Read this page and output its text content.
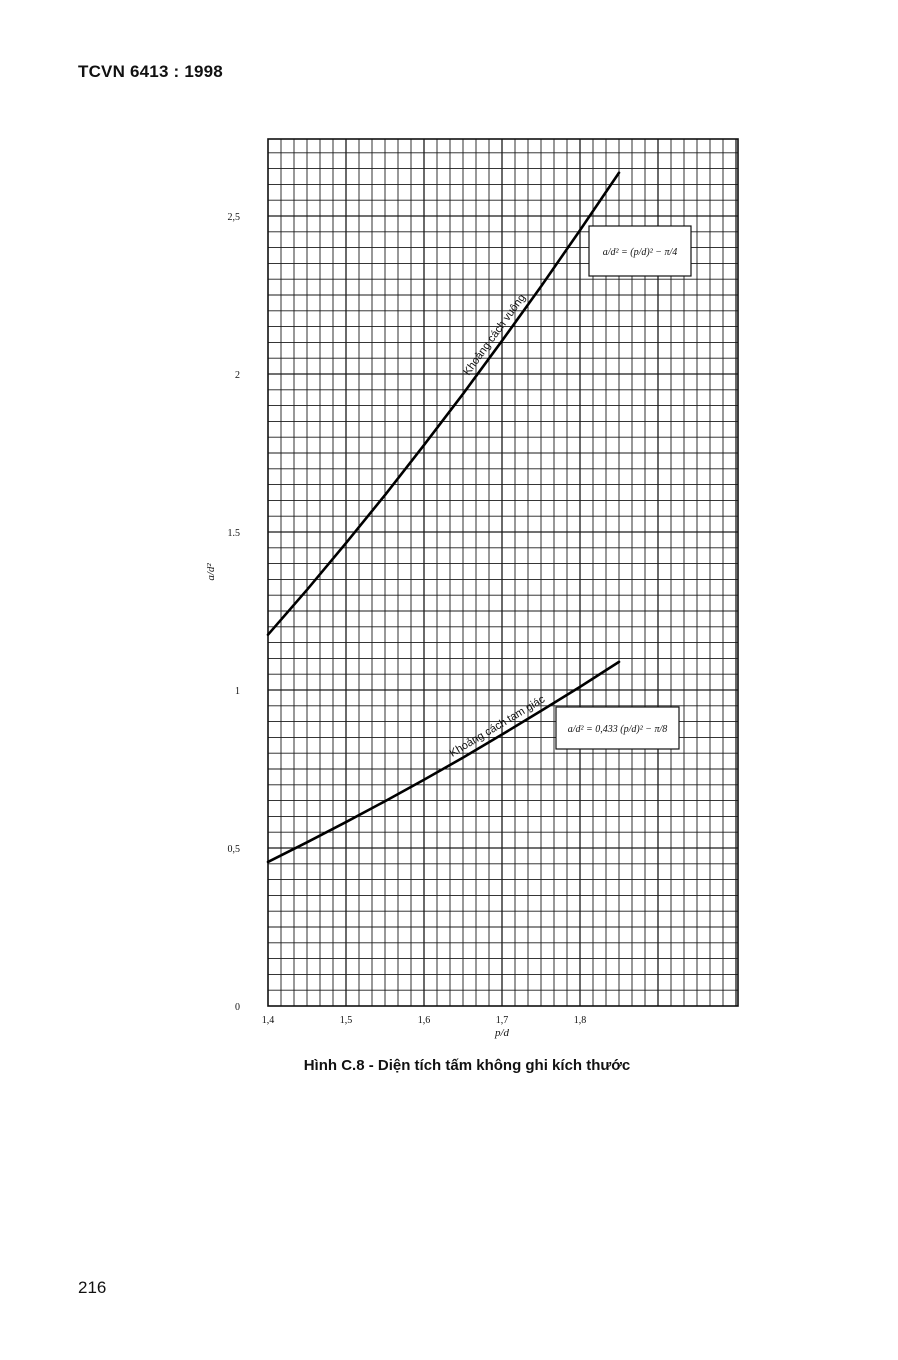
TCVN 6413 : 1998
0
0,5
1
1.5
2
2,5
1,4	1,5	1,6	1,7	1,8
Khoảng cách vuông
Khoảng cách tam giác
a/d² = (p/d)² − π/4
a/d² = 0,433 (p/d)² − π/8
p/d
a/d²
Hình C.8 - Diện tích tấm không ghi kích thước
216
